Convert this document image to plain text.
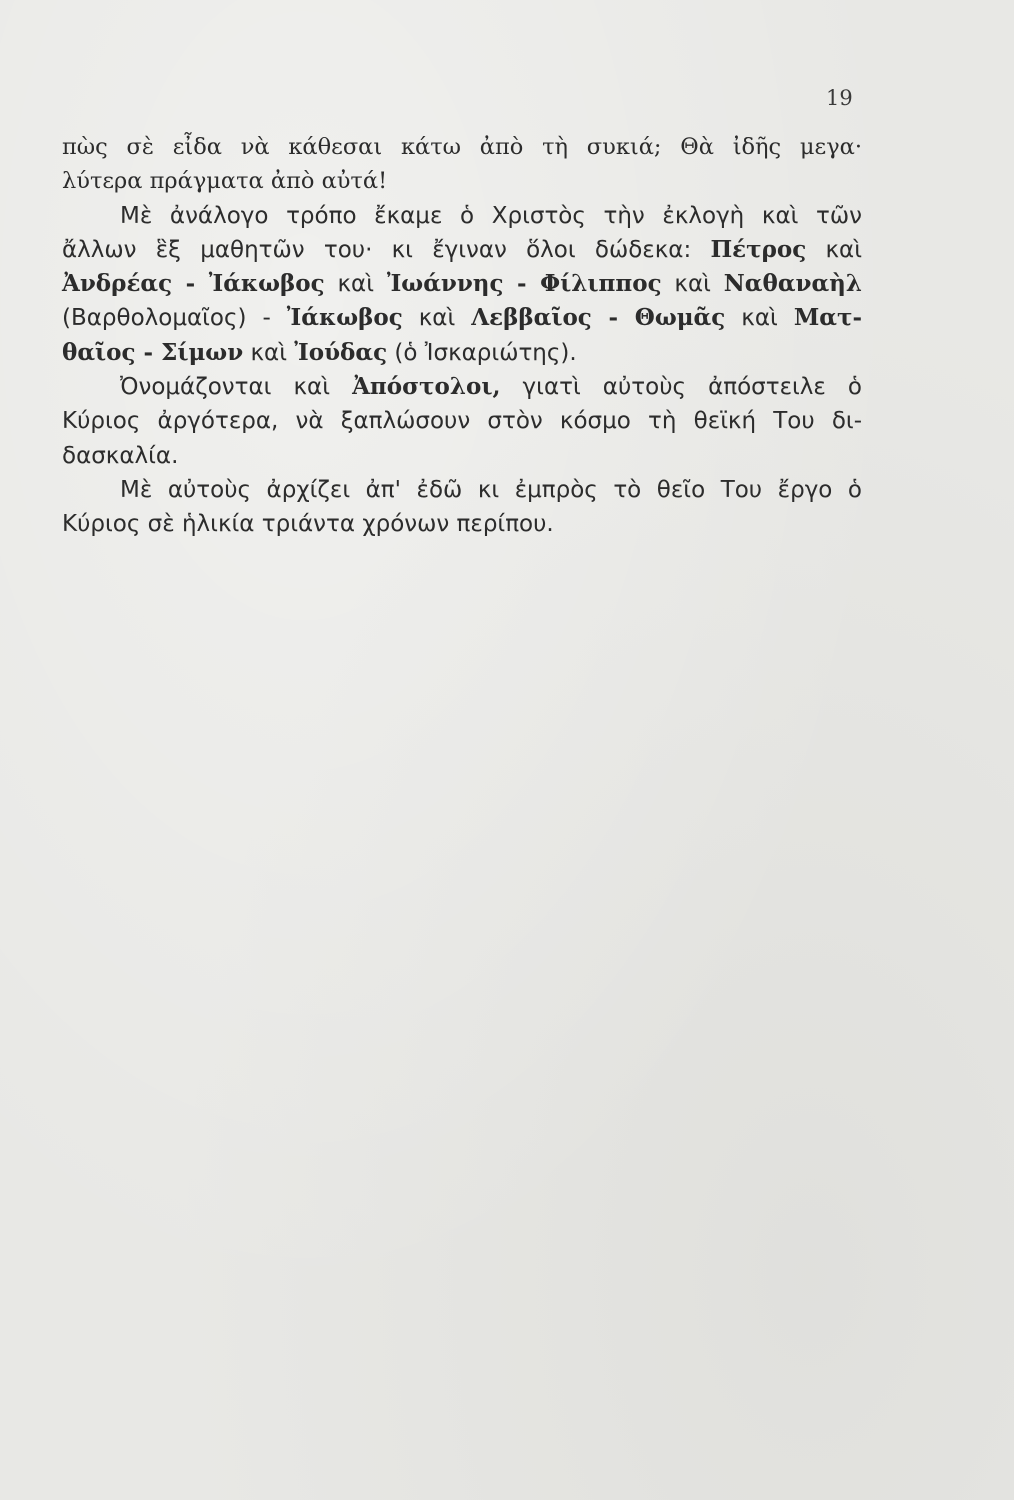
19
πὼς σὲ εἶδα νὰ κάθεσαι κάτω ἀπὸ τὴ συκιά; Θὰ ἰδῆς μεγα·
λύτερα πράγματα ἀπὸ αὐτά!
Μὲ ἀνάλογο τρόπο ἔκαμε ὁ Χριστὸς τὴν ἐκλογὴ καὶ τῶν
ἄλλων ἓξ μαθητῶν του· κι ἔγιναν ὅλοι δώδεκα: Πέτρος καὶ
Ἀνδρέας - Ἰάκωβος καὶ Ἰωάννης - Φίλιππος καὶ Ναθαναὴλ
(Βαρθολομαῖος) - Ἰάκωβος καὶ Λεββαῖος - Θωμᾶς καὶ Ματ-
θαῖος - Σίμων καὶ Ἰούδας (ὁ Ἰσκαριώτης).
Ὀνομάζονται καὶ Ἀπόστολοι, γιατὶ αὐτοὺς ἀπόστειλε ὁ
Κύριος ἀργότερα, νὰ ξαπλώσουν στὸν κόσμο τὴ θεϊκή Του δι-
δασκαλία.
Μὲ αὐτοὺς ἀρχίζει ἀπ' ἐδῶ κι ἐμπρὸς τὸ θεῖο Του ἔργο ὁ
Κύριος σὲ ἡλικία τριάντα χρόνων περίπου.
